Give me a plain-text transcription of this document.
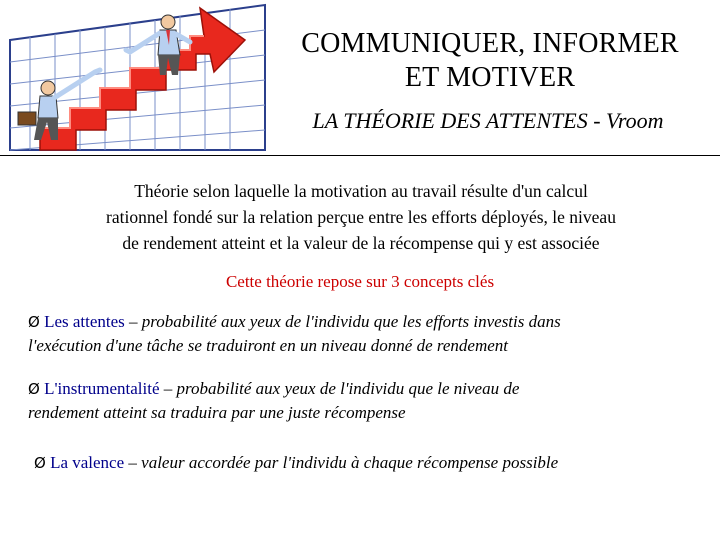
COMMUNIQUER, INFORMER
ET MOTIVER
LA THÉORIE DES ATTENTES - Vroom
Théorie selon laquelle la motivation au travail résulte d'un calcul
rationnel fondé sur la relation perçue entre les efforts déployés, le niveau
de rendement atteint et la valeur de la récompense qui y est associée
Cette théorie repose sur 3 concepts clés
Ø Les attentes – probabilité aux yeux de l'individu que les efforts investis dans
l'exécution d'une tâche se traduiront en un niveau donné de rendement
Ø L'instrumentalité – probabilité aux yeux de l'individu que le niveau de
rendement atteint sa traduira par une juste récompense
Ø La valence – valeur accordée par l'individu à chaque récompense possible
